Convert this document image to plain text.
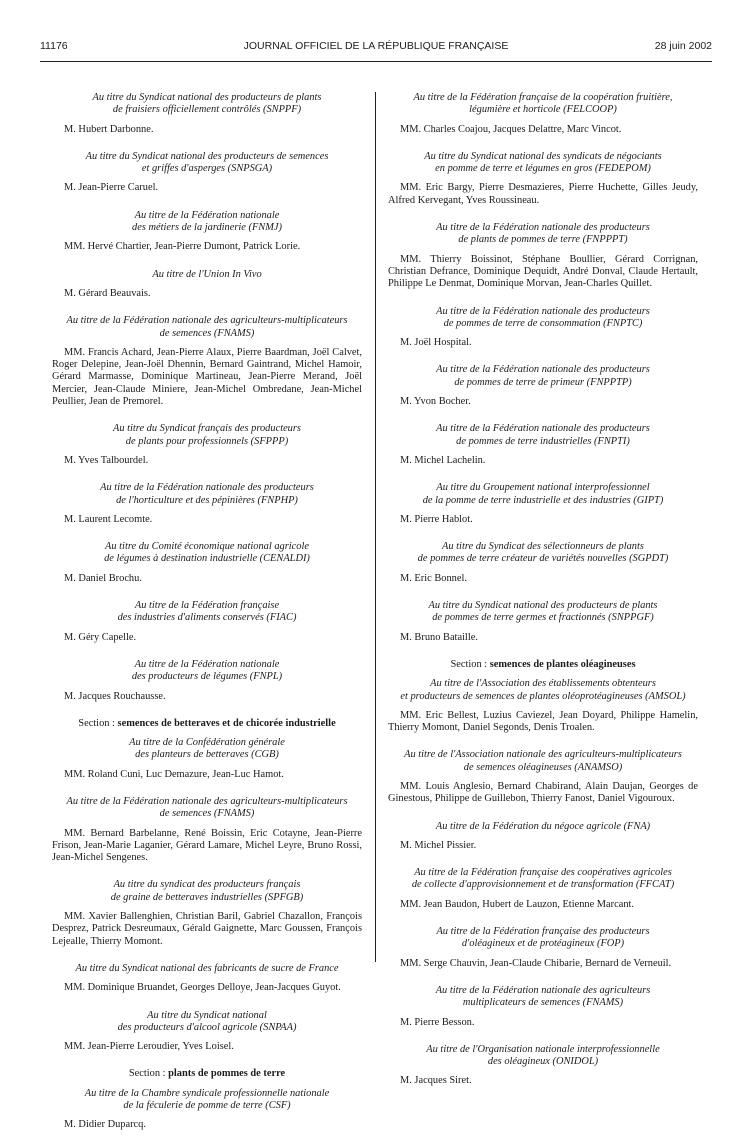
11176	JOURNAL OFFICIEL DE LA RÉPUBLIQUE FRANÇAISE	28 juin 2002
Au titre du Syndicat national des producteurs de plants
de fraisiers officiellement contrôlés (SNPPF)
M. Hubert Darbonne.
Au titre du Syndicat national des producteurs de semences
et griffes d'asperges (SNPSGA)
M. Jean-Pierre Caruel.
Au titre de la Fédération nationale
des métiers de la jardinerie (FNMJ)
MM. Hervé Chartier, Jean-Pierre Dumont, Patrick Lorie.
Au titre de l'Union In Vivo
M. Gérard Beauvais.
Au titre de la Fédération nationale des agriculteurs-multiplicateurs
de semences (FNAMS)
MM. Francis Achard, Jean-Pierre Alaux, Pierre Baardman, Joël Calvet, Roger Delepine, Jean-Joël Dhennin, Bernard Gaintrand, Michel Hamoir, Gérard Marmasse, Dominique Martineau, Jean-Pierre Merand, Joël Mercier, Jean-Claude Miniere, Jean-Michel Ombredane, Jean-Michel Peullier, Jean de Premorel.
Au titre du Syndicat français des producteurs
de plants pour professionnels (SFPPP)
M. Yves Talbourdel.
Au titre de la Fédération nationale des producteurs
de l'horticulture et des pépinières (FNPHP)
M. Laurent Lecomte.
Au titre du Comité économique national agricole
de légumes à destination industrielle (CENALDI)
M. Daniel Brochu.
Au titre de la Fédération française
des industries d'aliments conservés (FIAC)
M. Géry Capelle.
Au titre de la Fédération nationale
des producteurs de légumes (FNPL)
M. Jacques Rouchausse.
Section : semences de betteraves et de chicorée industrielle
Au titre de la Confédération générale
des planteurs de betteraves (CGB)
MM. Roland Cuni, Luc Demazure, Jean-Luc Hamot.
Au titre de la Fédération nationale des agriculteurs-multiplicateurs
de semences (FNAMS)
MM. Bernard Barbelanne, René Boissin, Eric Cotayne, Jean-Pierre Frison, Jean-Marie Laganier, Gérard Lamare, Michel Leyre, Bruno Rossi, Jean-Michel Sengenes.
Au titre du syndicat des producteurs français
de graine de betteraves industrielles (SPFGB)
MM. Xavier Ballenghien, Christian Baril, Gabriel Chazallon, François Desprez, Patrick Desreumaux, Gérald Gaignette, Marc Goussen, François Lejealle, Thierry Momont.
Au titre du Syndicat national des fabricants de sucre de France
MM. Dominique Bruandet, Georges Delloye, Jean-Jacques Guyot.
Au titre du Syndicat national
des producteurs d'alcool agricole (SNPAA)
MM. Jean-Pierre Leroudier, Yves Loisel.
Section : plants de pommes de terre
Au titre de la Chambre syndicale professionnelle nationale
de la féculerie de pomme de terre (CSF)
M. Didier Duparcq.
Au titre de la Fédération française de la coopération fruitière,
légumière et horticole (FELCOOP)
MM. Charles Coajou, Jacques Delattre, Marc Vincot.
Au titre du Syndicat national des syndicats de négociants
en pomme de terre et légumes en gros (FEDEPOM)
MM. Eric Bargy, Pierre Desmazieres, Pierre Huchette, Gilles Jeudy, Alfred Kervegant, Yves Roussineau.
Au titre de la Fédération nationale des producteurs
de plants de pommes de terre (FNPPPT)
MM. Thierry Boissinot, Stéphane Boullier, Gérard Corrignan, Christian Defrance, Dominique Dequidt, André Donval, Claude Hertault, Philippe Le Denmat, Dominique Morvan, Jean-Charles Quillet.
Au titre de la Fédération nationale des producteurs
de pommes de terre de consommation (FNPTC)
M. Joël Hospital.
Au titre de la Fédération nationale des producteurs
de pommes de terre de primeur (FNPPTP)
M. Yvon Bocher.
Au titre de la Fédération nationale des producteurs
de pommes de terre industrielles (FNPTI)
M. Michel Lachelin.
Au titre du Groupement national interprofessionnel
de la pomme de terre industrielle et des industries (GIPT)
M. Pierre Hablot.
Au titre du Syndicat des sélectionneurs de plants
de pommes de terre créateur de variétés nouvelles (SGPDT)
M. Eric Bonnel.
Au titre du Syndicat national des producteurs de plants
de pommes de terre germes et fractionnés (SNPPGF)
M. Bruno Bataille.
Section : semences de plantes oléagineuses
Au titre de l'Association des établissements obtenteurs
et producteurs de semences de plantes oléoprotéagineuses (AMSOL)
MM. Eric Bellest, Luzius Caviezel, Jean Doyard, Philippe Hamelin, Thierry Momont, Daniel Segonds, Denis Troalen.
Au titre de l'Association nationale des agriculteurs-multiplicateurs
de semences oléagineuses (ANAMSO)
MM. Louis Anglesio, Bernard Chabirand, Alain Daujan, Georges de Ginestous, Philippe de Guillebon, Thierry Fanost, Daniel Vigouroux.
Au titre de la Fédération du négoce agricole (FNA)
M. Michel Pissier.
Au titre de la Fédération française des coopératives agricoles
de collecte d'approvisionnement et de transformation (FFCAT)
MM. Jean Baudon, Hubert de Lauzon, Etienne Marcant.
Au titre de la Fédération française des producteurs
d'oléagineux et de protéagineux (FOP)
MM. Serge Chauvin, Jean-Claude Chibarie, Bernard de Verneuil.
Au titre de la Fédération nationale des agriculteurs
multiplicateurs de semences (FNAMS)
M. Pierre Besson.
Au titre de l'Organisation nationale interprofessionnelle
des oléagineux (ONIDOL)
M. Jacques Siret.
